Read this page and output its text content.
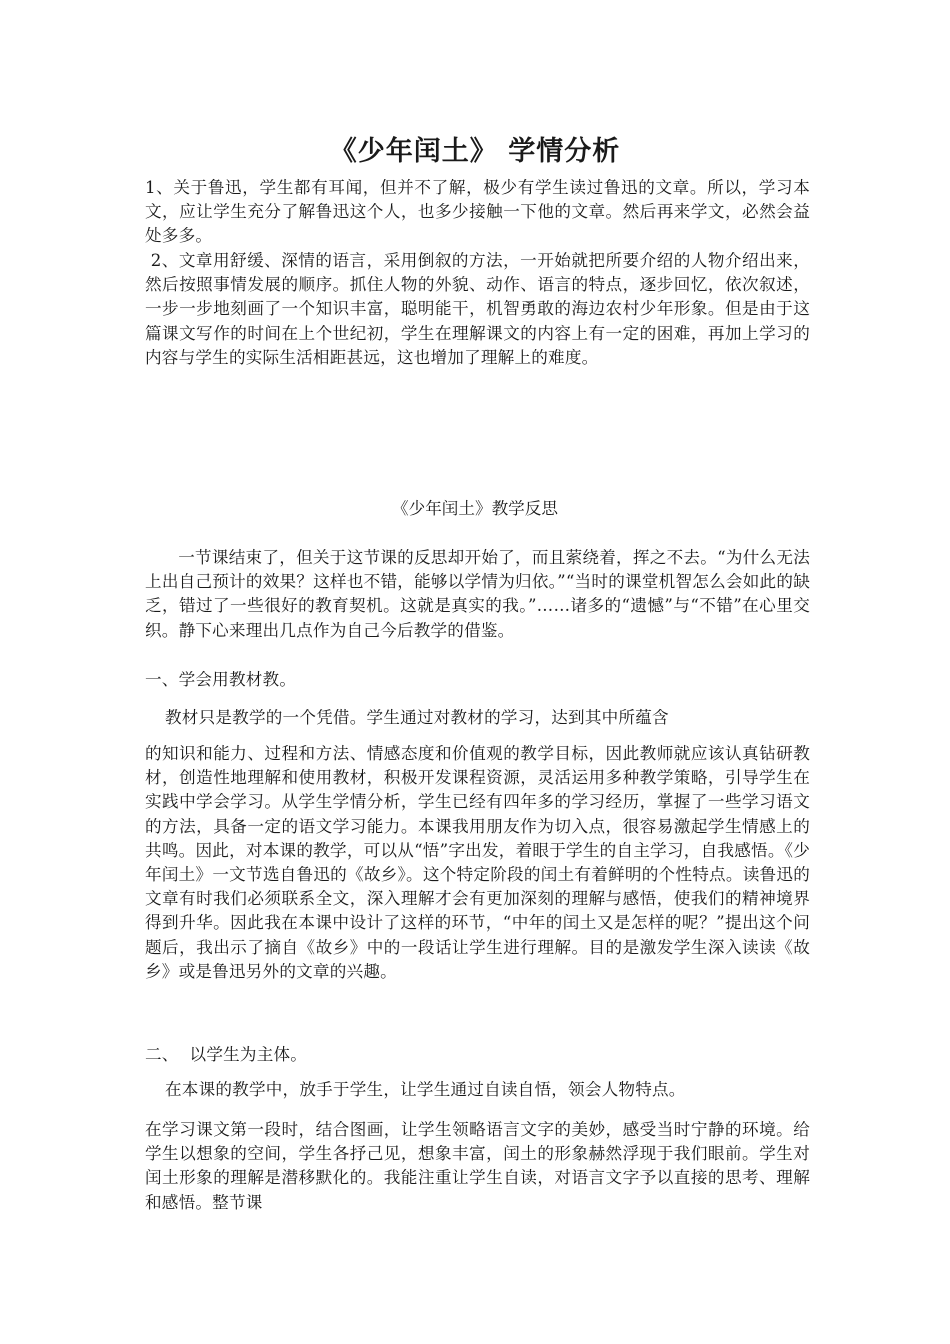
《少年闰土》 学情分析

1、关于鲁迅，学生都有耳闻，但并不了解，极少有学生读过鲁迅的文章。所以，学习本文，应让学生充分了解鲁迅这个人，也多少接触一下他的文章。然后再来学文，必然会益处多多。

2、文章用舒缓、深情的语言，采用倒叙的方法，一开始就把所要介绍的人物介绍出来，然后按照事情发展的顺序。抓住人物的外貌、动作、语言的特点，逐步回忆，依次叙述，一步一步地刻画了一个知识丰富，聪明能干，机智勇敢的海边农村少年形象。但是由于这篇课文写作的时间在上个世纪初，学生在理解课文的内容上有一定的困难，再加上学习的内容与学生的实际生活相距甚远，这也增加了理解上的难度。

《少年闰土》教学反思

一节课结束了，但关于这节课的反思却开始了，而且萦绕着，挥之不去。“为什么无法上出自己预计的效果？这样也不错，能够以学情为归依。”“当时的课堂机智怎么会如此的缺乏，错过了一些很好的教育契机。这就是真实的我。”……诸多的“遗憾”与“不错”在心里交织。静下心来理出几点作为自己今后教学的借鉴。

一、学会用教材教。
教材只是教学的一个凭借。学生通过对教材的学习，达到其中所蕴含
的知识和能力、过程和方法、情感态度和价值观的教学目标，因此教师就应该认真钻研教材，创造性地理解和使用教材，积极开发课程资源，灵活运用多种教学策略，引导学生在实践中学会学习。从学生学情分析，学生已经有四年多的学习经历，掌握了一些学习语文的方法，具备一定的语文学习能力。本课我用朋友作为切入点，很容易激起学生情感上的共鸣。因此，对本课的教学，可以从“悟”字出发，着眼于学生的自主学习，自我感悟。《少年闰土》一文节选自鲁迅的《故乡》。这个特定阶段的闰土有着鲜明的个性特点。读鲁迅的文章有时我们必须联系全文，深入理解才会有更加深刻的理解与感悟，使我们的精神境界得到升华。因此我在本课中设计了这样的环节，“中年的闰土又是怎样的呢？”提出这个问题后，我出示了摘自《故乡》中的一段话让学生进行理解。目的是激发学生深入读读《故乡》或是鲁迅另外的文章的兴趣。
二、  以学生为主体。
在本课的教学中，放手于学生，让学生通过自读自悟，领会人物特点。
在学习课文第一段时，结合图画，让学生领略语言文字的美妙，感受当时宁静的环境。给学生以想象的空间，学生各抒己见，想象丰富，闰土的形象赫然浮现于我们眼前。学生对闰土形象的理解是潜移默化的。我能注重让学生自读，对语言文字予以直接的思考、理解和感悟。整节课
